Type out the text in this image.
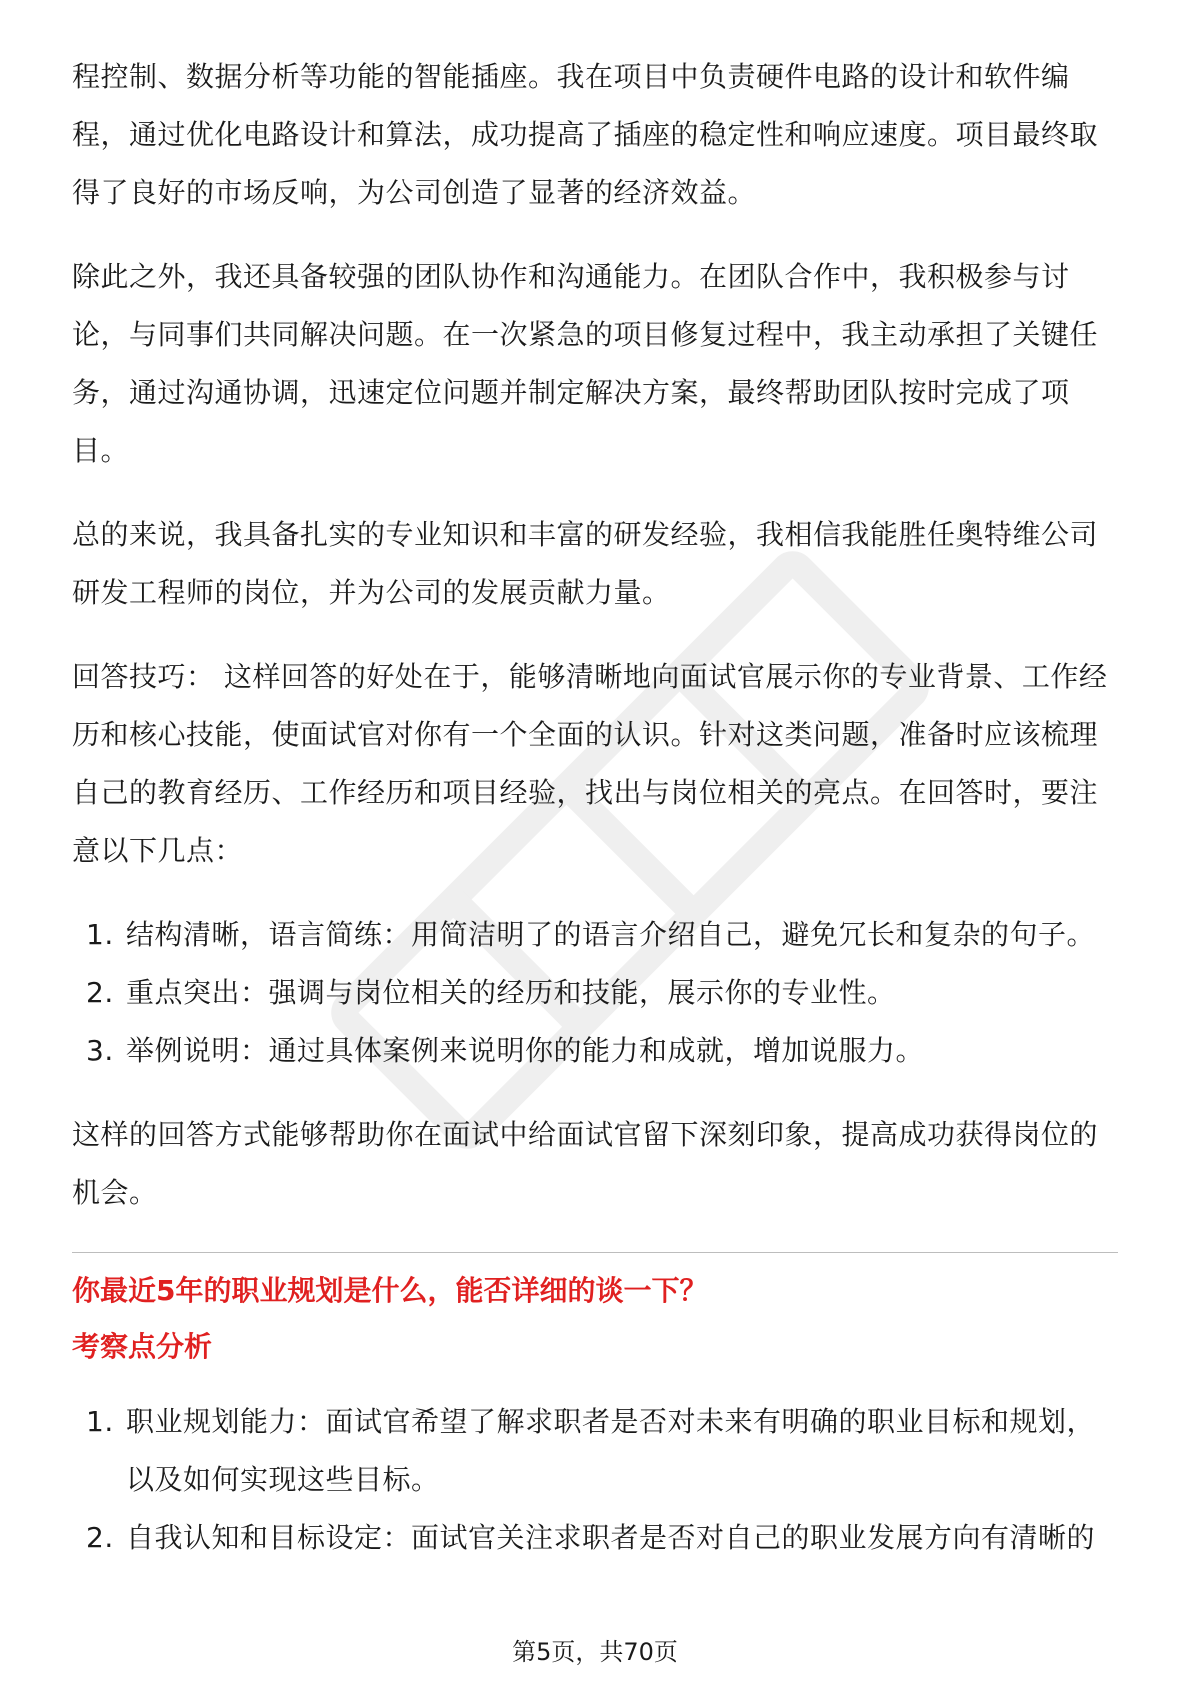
程控制、数据分析等功能的智能插座。我在项目中负责硬件电路的设计和软件编程，通过优化电路设计和算法，成功提高了插座的稳定性和响应速度。项目最终取得了良好的市场反响，为公司创造了显著的经济效益。

除此之外，我还具备较强的团队协作和沟通能力。在团队合作中，我积极参与讨论，与同事们共同解决问题。在一次紧急的项目修复过程中，我主动承担了关键任务，通过沟通协调，迅速定位问题并制定解决方案，最终帮助团队按时完成了项目。

总的来说，我具备扎实的专业知识和丰富的研发经验，我相信我能胜任奥特维公司研发工程师的岗位，并为公司的发展贡献力量。

回答技巧： 这样回答的好处在于，能够清晰地向面试官展示你的专业背景、工作经历和核心技能，使面试官对你有一个全面的认识。针对这类问题，准备时应该梳理自己的教育经历、工作经历和项目经验，找出与岗位相关的亮点。在回答时，要注意以下几点：

1. 结构清晰，语言简练：用简洁明了的语言介绍自己，避免冗长和复杂的句子。
2. 重点突出：强调与岗位相关的经历和技能，展示你的专业性。
3. 举例说明：通过具体案例来说明你的能力和成就，增加说服力。

这样的回答方式能够帮助你在面试中给面试官留下深刻印象，提高成功获得岗位的机会。

你最近5年的职业规划是什么，能否详细的谈一下？

考察点分析

1. 职业规划能力：面试官希望了解求职者是否对未来有明确的职业目标和规划，以及如何实现这些目标。
2. 自我认知和目标设定：面试官关注求职者是否对自己的职业发展方向有清晰的
第5页，共70页
